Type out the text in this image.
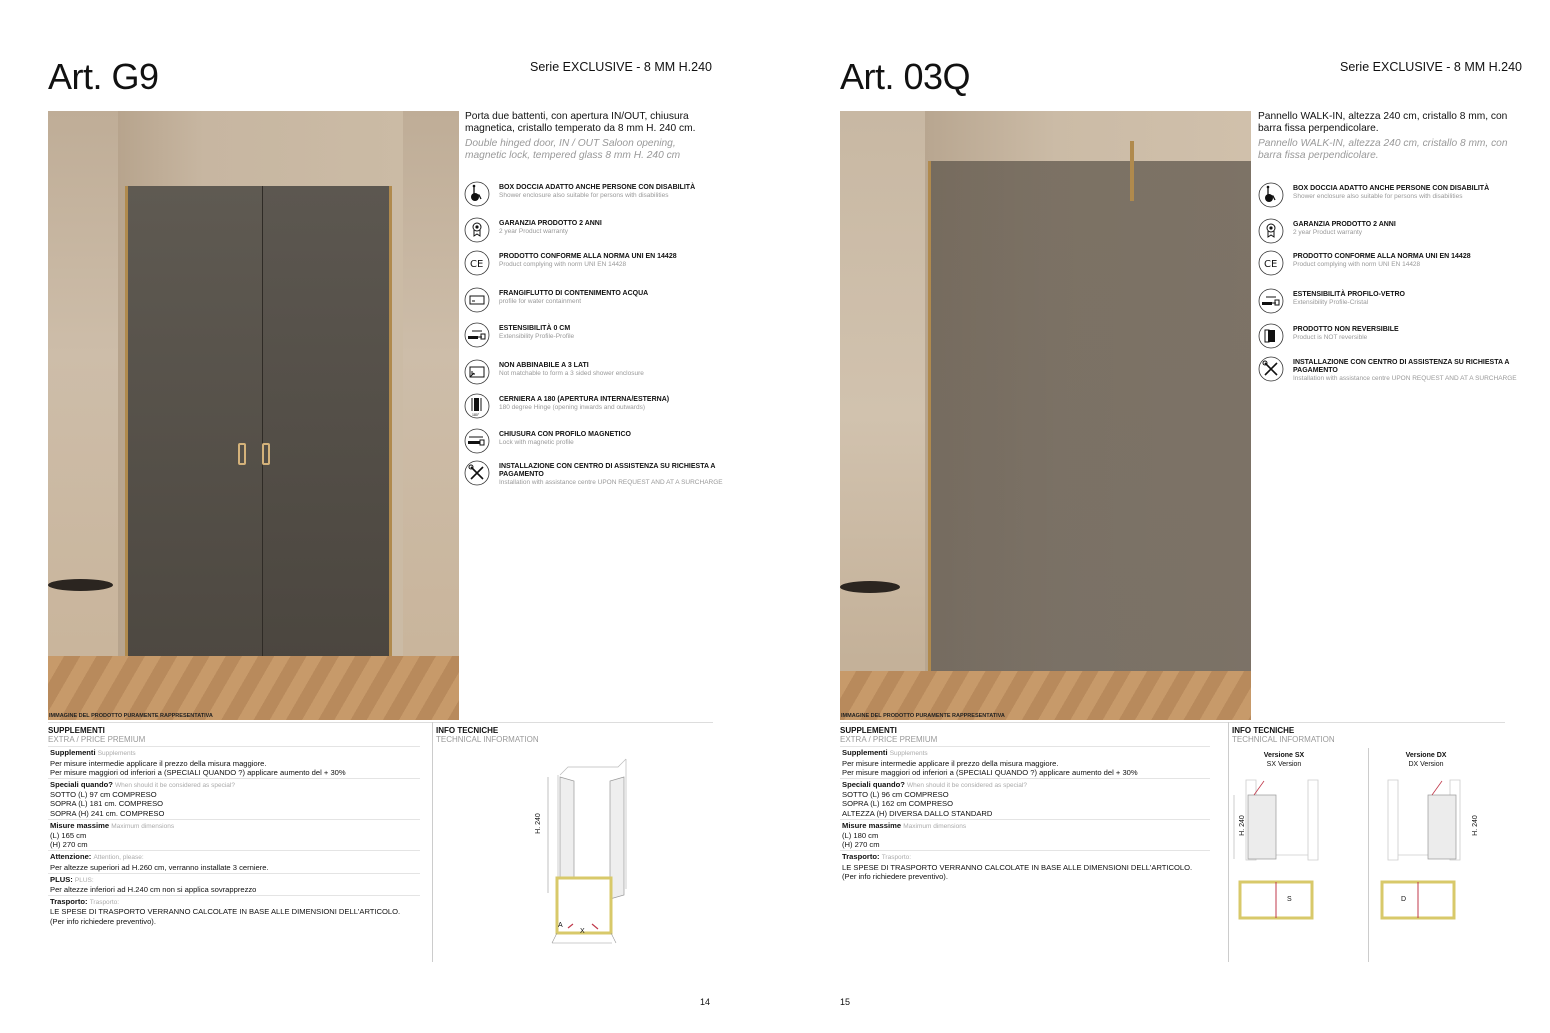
Art. G9	Serie EXCLUSIVE - 8 MM H.240
IMMAGINE DEL PRODOTTO PURAMENTE RAPPRESENTATIVA
Porta due battenti, con apertura IN/OUT, chiusura magnetica, cristallo temperato da 8 mm H. 240 cm.
Double hinged door, IN / OUT Saloon opening, magnetic lock, tempered glass 8 mm H. 240 cm
BOX DOCCIA ADATTO ANCHE PERSONE CON DISABILITÀ
Shower enclosure also suitable for persons with disabilities
GARANZIA PRODOTTO 2 ANNI
2 year Product warranty
CE
PRODOTTO CONFORME ALLA NORMA UNI EN 14428
Product complying with norm UNI EN 14428
FRANGIFLUTTO DI CONTENIMENTO ACQUA
profile for water containment
ESTENSIBILITÀ 0 CM
Extensibility Profile-Profile
NON ABBINABILE A 3 LATI
Not matchable to form a 3 sided shower enclosure
180°
CERNIERA A 180 (APERTURA INTERNA/ESTERNA)
180 degree Hinge (opening inwards and outwards)
CHIUSURA CON PROFILO MAGNETICO
Lock with magnetic profile
INSTALLAZIONE CON CENTRO DI ASSISTENZA SU RICHIESTA A PAGAMENTO
Installation with assistance centre UPON REQUEST AND AT A SURCHARGE
SUPPLEMENTI
EXTRA / PRICE PREMIUM
Supplementi Supplements
Per misure intermedie applicare il prezzo della misura maggiore.
Per misure maggiori od inferiori a (SPECIALI QUANDO ?) applicare aumento del + 30%
Speciali quando? When should it be considered as special?
SOTTO (L) 97 cm COMPRESO
SOPRA (L) 181 cm. COMPRESO
SOPRA (H) 241 cm. COMPRESO
Misure massime Maximum dimensions
(L) 165 cm
(H) 270 cm
Attenzione: Attention, please:
Per altezze superiori ad H.260 cm, verranno installate 3 cerniere.
PLUS: PLUS:
Per altezze inferiori ad H.240 cm non si applica sovrapprezzo
Trasporto: Trasporto:
LE SPESE DI TRASPORTO VERRANNO CALCOLATE IN BASE ALLE DIMENSIONI DELL'ARTICOLO.
(Per info richiedere preventivo).
INFO TECNICHE
TECHNICAL INFORMATION
H. 240
A
X
14
Art. 03Q	Serie EXCLUSIVE - 8 MM H.240
IMMAGINE DEL PRODOTTO PURAMENTE RAPPRESENTATIVA
Pannello WALK-IN, altezza 240 cm, cristallo 8 mm, con barra fissa perpendicolare.
Pannello WALK-IN, altezza 240 cm, cristallo 8 mm, con barra fissa perpendicolare.
BOX DOCCIA ADATTO ANCHE PERSONE CON DISABILITÀ
Shower enclosure also suitable for persons with disabilities
GARANZIA PRODOTTO 2 ANNI
2 year Product warranty
CE
PRODOTTO CONFORME ALLA NORMA UNI EN 14428
Product complying with norm UNI EN 14428
ESTENSIBILITÀ PROFILO-VETRO
Extensibility Profile-Cristal
PRODOTTO NON REVERSIBILE
Product is NOT reversible
INSTALLAZIONE CON CENTRO DI ASSISTENZA SU RICHIESTA A PAGAMENTO
Installation with assistance centre UPON REQUEST AND AT A SURCHARGE
SUPPLEMENTI
EXTRA / PRICE PREMIUM
Supplementi Supplements
Per misure intermedie applicare il prezzo della misura maggiore.
Per misure maggiori od inferiori a (SPECIALI QUANDO ?) applicare aumento del + 30%
Speciali quando? When should it be considered as special?
SOTTO (L) 96 cm COMPRESO
SOPRA (L) 162 cm COMPRESO
ALTEZZA (H) DIVERSA DALLO STANDARD
Misure massime Maximum dimensions
(L) 180 cm
(H) 270 cm
Trasporto: Trasporto:
LE SPESE DI TRASPORTO VERRANNO CALCOLATE IN BASE ALLE DIMENSIONI DELL'ARTICOLO.
(Per info richiedere preventivo).
INFO TECNICHE
TECHNICAL INFORMATION
Versione SX
SX Version
S
H. 240
Versione DX
DX Version
D
H. 240
15
